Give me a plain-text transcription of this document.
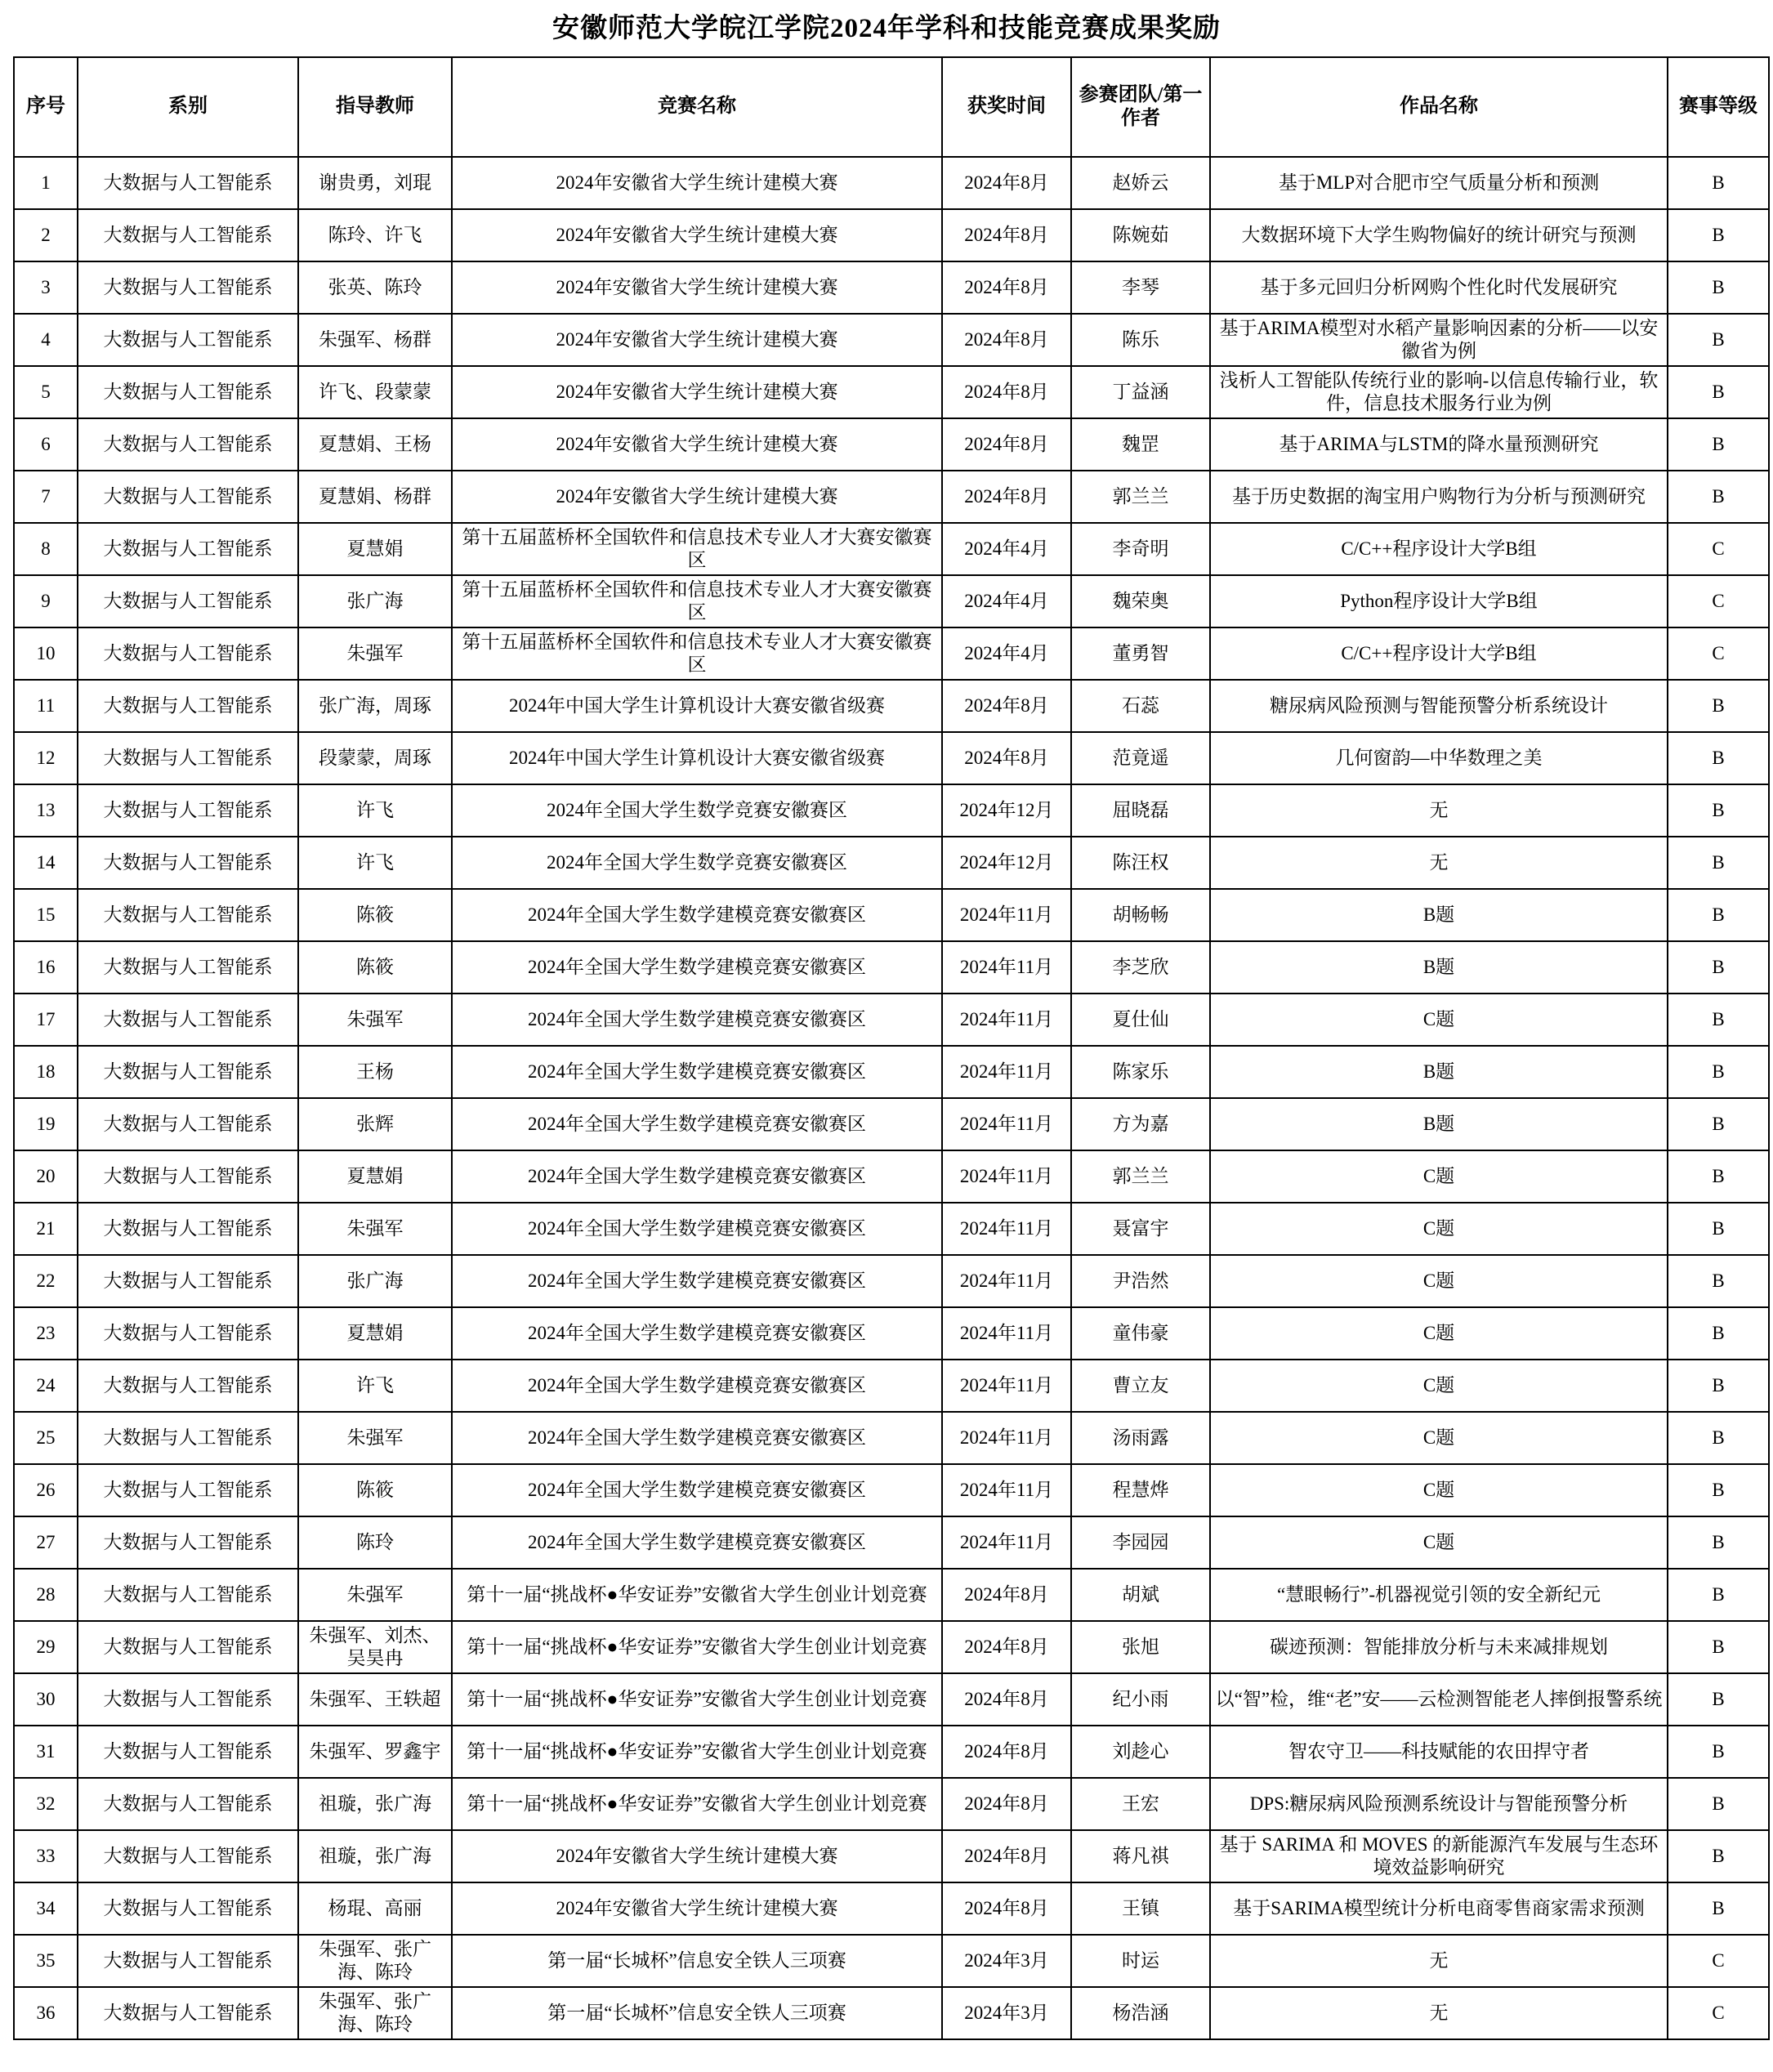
安徽师范大学皖江学院2024年学科和技能竞赛成果奖励
序号	系别	指导教师	竞赛名称	获奖时间	参赛团队/第一作者	作品名称	赛事等级
1	大数据与人工智能系	谢贵勇，刘琨	2024年安徽省大学生统计建模大赛	2024年8月	赵娇云	基于MLP对合肥市空气质量分析和预测	B
2	大数据与人工智能系	陈玲、许飞	2024年安徽省大学生统计建模大赛	2024年8月	陈婉茹	大数据环境下大学生购物偏好的统计研究与预测	B
3	大数据与人工智能系	张英、陈玲	2024年安徽省大学生统计建模大赛	2024年8月	李琴	基于多元回归分析网购个性化时代发展研究	B
4	大数据与人工智能系	朱强军、杨群	2024年安徽省大学生统计建模大赛	2024年8月	陈乐	基于ARIMA模型对水稻产量影响因素的分析——以安徽省为例	B
5	大数据与人工智能系	许飞、段蒙蒙	2024年安徽省大学生统计建模大赛	2024年8月	丁益涵	浅析人工智能队传统行业的影响-以信息传输行业，软件，信息技术服务行业为例	B
6	大数据与人工智能系	夏慧娟、王杨	2024年安徽省大学生统计建模大赛	2024年8月	魏罡	基于ARIMA与LSTM的降水量预测研究	B
7	大数据与人工智能系	夏慧娟、杨群	2024年安徽省大学生统计建模大赛	2024年8月	郭兰兰	基于历史数据的淘宝用户购物行为分析与预测研究	B
8	大数据与人工智能系	夏慧娟	第十五届蓝桥杯全国软件和信息技术专业人才大赛安徽赛区	2024年4月	李奇明	C/C++程序设计大学B组	C
9	大数据与人工智能系	张广海	第十五届蓝桥杯全国软件和信息技术专业人才大赛安徽赛区	2024年4月	魏荣奥	Python程序设计大学B组	C
10	大数据与人工智能系	朱强军	第十五届蓝桥杯全国软件和信息技术专业人才大赛安徽赛区	2024年4月	董勇智	C/C++程序设计大学B组	C
11	大数据与人工智能系	张广海，周琢	2024年中国大学生计算机设计大赛安徽省级赛	2024年8月	石蕊	糖尿病风险预测与智能预警分析系统设计	B
12	大数据与人工智能系	段蒙蒙，周琢	2024年中国大学生计算机设计大赛安徽省级赛	2024年8月	范竟遥	几何窗韵—中华数理之美	B
13	大数据与人工智能系	许飞	2024年全国大学生数学竞赛安徽赛区	2024年12月	屈晓磊	无	B
14	大数据与人工智能系	许飞	2024年全国大学生数学竞赛安徽赛区	2024年12月	陈汪权	无	B
15	大数据与人工智能系	陈筱	2024年全国大学生数学建模竞赛安徽赛区	2024年11月	胡畅畅	B题	B
16	大数据与人工智能系	陈筱	2024年全国大学生数学建模竞赛安徽赛区	2024年11月	李芝欣	B题	B
17	大数据与人工智能系	朱强军	2024年全国大学生数学建模竞赛安徽赛区	2024年11月	夏仕仙	C题	B
18	大数据与人工智能系	王杨	2024年全国大学生数学建模竞赛安徽赛区	2024年11月	陈家乐	B题	B
19	大数据与人工智能系	张辉	2024年全国大学生数学建模竞赛安徽赛区	2024年11月	方为嘉	B题	B
20	大数据与人工智能系	夏慧娟	2024年全国大学生数学建模竞赛安徽赛区	2024年11月	郭兰兰	C题	B
21	大数据与人工智能系	朱强军	2024年全国大学生数学建模竞赛安徽赛区	2024年11月	聂富宇	C题	B
22	大数据与人工智能系	张广海	2024年全国大学生数学建模竞赛安徽赛区	2024年11月	尹浩然	C题	B
23	大数据与人工智能系	夏慧娟	2024年全国大学生数学建模竞赛安徽赛区	2024年11月	童伟豪	C题	B
24	大数据与人工智能系	许飞	2024年全国大学生数学建模竞赛安徽赛区	2024年11月	曹立友	C题	B
25	大数据与人工智能系	朱强军	2024年全国大学生数学建模竞赛安徽赛区	2024年11月	汤雨露	C题	B
26	大数据与人工智能系	陈筱	2024年全国大学生数学建模竞赛安徽赛区	2024年11月	程慧烨	C题	B
27	大数据与人工智能系	陈玲	2024年全国大学生数学建模竞赛安徽赛区	2024年11月	李园园	C题	B
28	大数据与人工智能系	朱强军	第十一届“挑战杯●华安证券”安徽省大学生创业计划竞赛	2024年8月	胡斌	“慧眼畅行”-机器视觉引领的安全新纪元	B
29	大数据与人工智能系	朱强军、刘杰、吴昊冉	第十一届“挑战杯●华安证券”安徽省大学生创业计划竞赛	2024年8月	张旭	碳迹预测：智能排放分析与未来减排规划	B
30	大数据与人工智能系	朱强军、王轶超	第十一届“挑战杯●华安证券”安徽省大学生创业计划竞赛	2024年8月	纪小雨	以“智”检，维“老”安——云检测智能老人摔倒报警系统	B
31	大数据与人工智能系	朱强军、罗鑫宇	第十一届“挑战杯●华安证券”安徽省大学生创业计划竞赛	2024年8月	刘趁心	智农守卫——科技赋能的农田捍守者	B
32	大数据与人工智能系	祖璇，张广海	第十一届“挑战杯●华安证券”安徽省大学生创业计划竞赛	2024年8月	王宏	DPS:糖尿病风险预测系统设计与智能预警分析	B
33	大数据与人工智能系	祖璇，张广海	2024年安徽省大学生统计建模大赛	2024年8月	蒋凡祺	基于 SARIMA 和 MOVES 的新能源汽车发展与生态环境效益影响研究	B
34	大数据与人工智能系	杨琨、高丽	2024年安徽省大学生统计建模大赛	2024年8月	王镇	基于SARIMA模型统计分析电商零售商家需求预测	B
35	大数据与人工智能系	朱强军、张广海、陈玲	第一届“长城杯”信息安全铁人三项赛	2024年3月	时运	无	C
36	大数据与人工智能系	朱强军、张广海、陈玲	第一届“长城杯”信息安全铁人三项赛	2024年3月	杨浩涵	无	C
